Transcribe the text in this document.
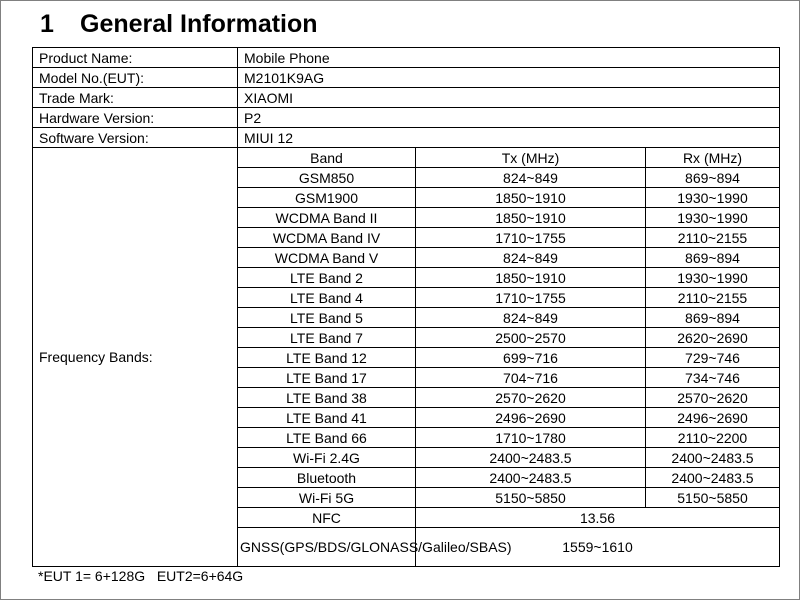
1 General Information
Product Name:	Mobile Phone		
Model No.(EUT):	M2101K9AG		
Trade Mark:	XIAOMI		
Hardware Version:	P2		
Software Version:	MIUI 12		
Frequency Bands:	Band	Tx (MHz)	Rx (MHz)
	GSM850	824~849	869~894
	GSM1900	1850~1910	1930~1990
	WCDMA Band II	1850~1910	1930~1990
	WCDMA Band IV	1710~1755	2110~2155
	WCDMA Band V	824~849	869~894
	LTE Band 2	1850~1910	1930~1990
	LTE Band 4	1710~1755	2110~2155
	LTE Band 5	824~849	869~894
	LTE Band 7	2500~2570	2620~2690
	LTE Band 12	699~716	729~746
	LTE Band 17	704~716	734~746
	LTE Band 38	2570~2620	2570~2620
	LTE Band 41	2496~2690	2496~2690
	LTE Band 66	1710~1780	2110~2200
	Wi-Fi 2.4G	2400~2483.5	2400~2483.5
	Bluetooth	2400~2483.5	2400~2483.5
	Wi-Fi 5G	5150~5850	5150~5850
	NFC	13.56	
	GNSS(GPS/BDS/GLONASS/Galileo/SBAS)	1559~1610	
*EUT 1= 6+128G   EUT2=6+64G
